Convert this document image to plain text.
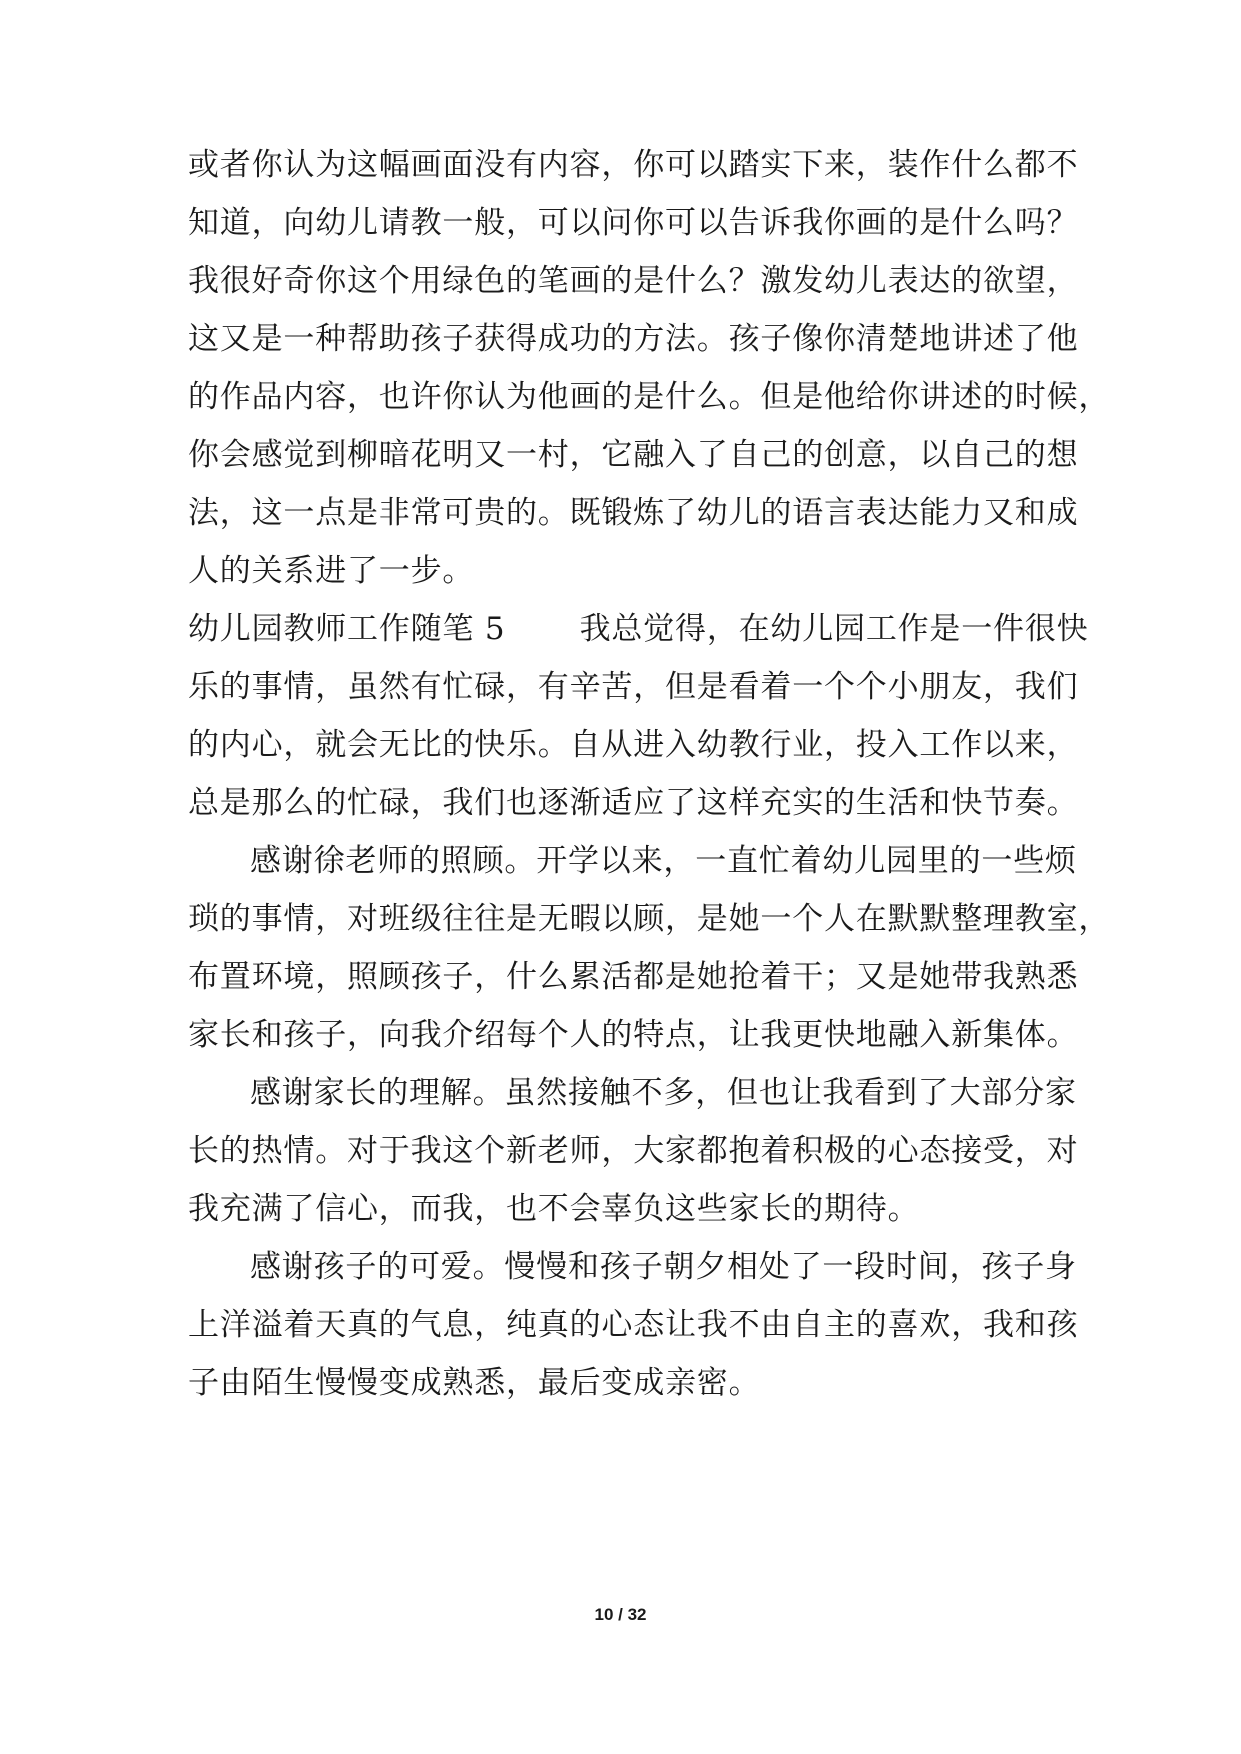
或者你认为这幅画面没有内容，你可以踏实下来，装作什么都不
知道，向幼儿请教一般，可以问你可以告诉我你画的是什么吗？
我很好奇你这个用绿色的笔画的是什么？激发幼儿表达的欲望，
这又是一种帮助孩子获得成功的方法。孩子像你清楚地讲述了他
的作品内容，也许你认为他画的是什么。但是他给你讲述的时候，
你会感觉到柳暗花明又一村，它融入了自己的创意，以自己的想
法，这一点是非常可贵的。既锻炼了幼儿的语言表达能力又和成
人的关系进了一步。
幼儿园教师工作随笔 5　　 我总觉得，在幼儿园工作是一件很快
乐的事情，虽然有忙碌，有辛苦，但是看着一个个小朋友，我们
的内心，就会无比的快乐。自从进入幼教行业，投入工作以来，
总是那么的忙碌，我们也逐渐适应了这样充实的生活和快节奏。
感谢徐老师的照顾。开学以来，一直忙着幼儿园里的一些烦
琐的事情，对班级往往是无暇以顾，是她一个人在默默整理教室，
布置环境，照顾孩子，什么累活都是她抢着干；又是她带我熟悉
家长和孩子，向我介绍每个人的特点，让我更快地融入新集体。
感谢家长的理解。虽然接触不多，但也让我看到了大部分家
长的热情。对于我这个新老师，大家都抱着积极的心态接受，对
我充满了信心，而我，也不会辜负这些家长的期待。
感谢孩子的可爱。慢慢和孩子朝夕相处了一段时间，孩子身
上洋溢着天真的气息，纯真的心态让我不由自主的喜欢，我和孩
子由陌生慢慢变成熟悉，最后变成亲密。
10 / 32
